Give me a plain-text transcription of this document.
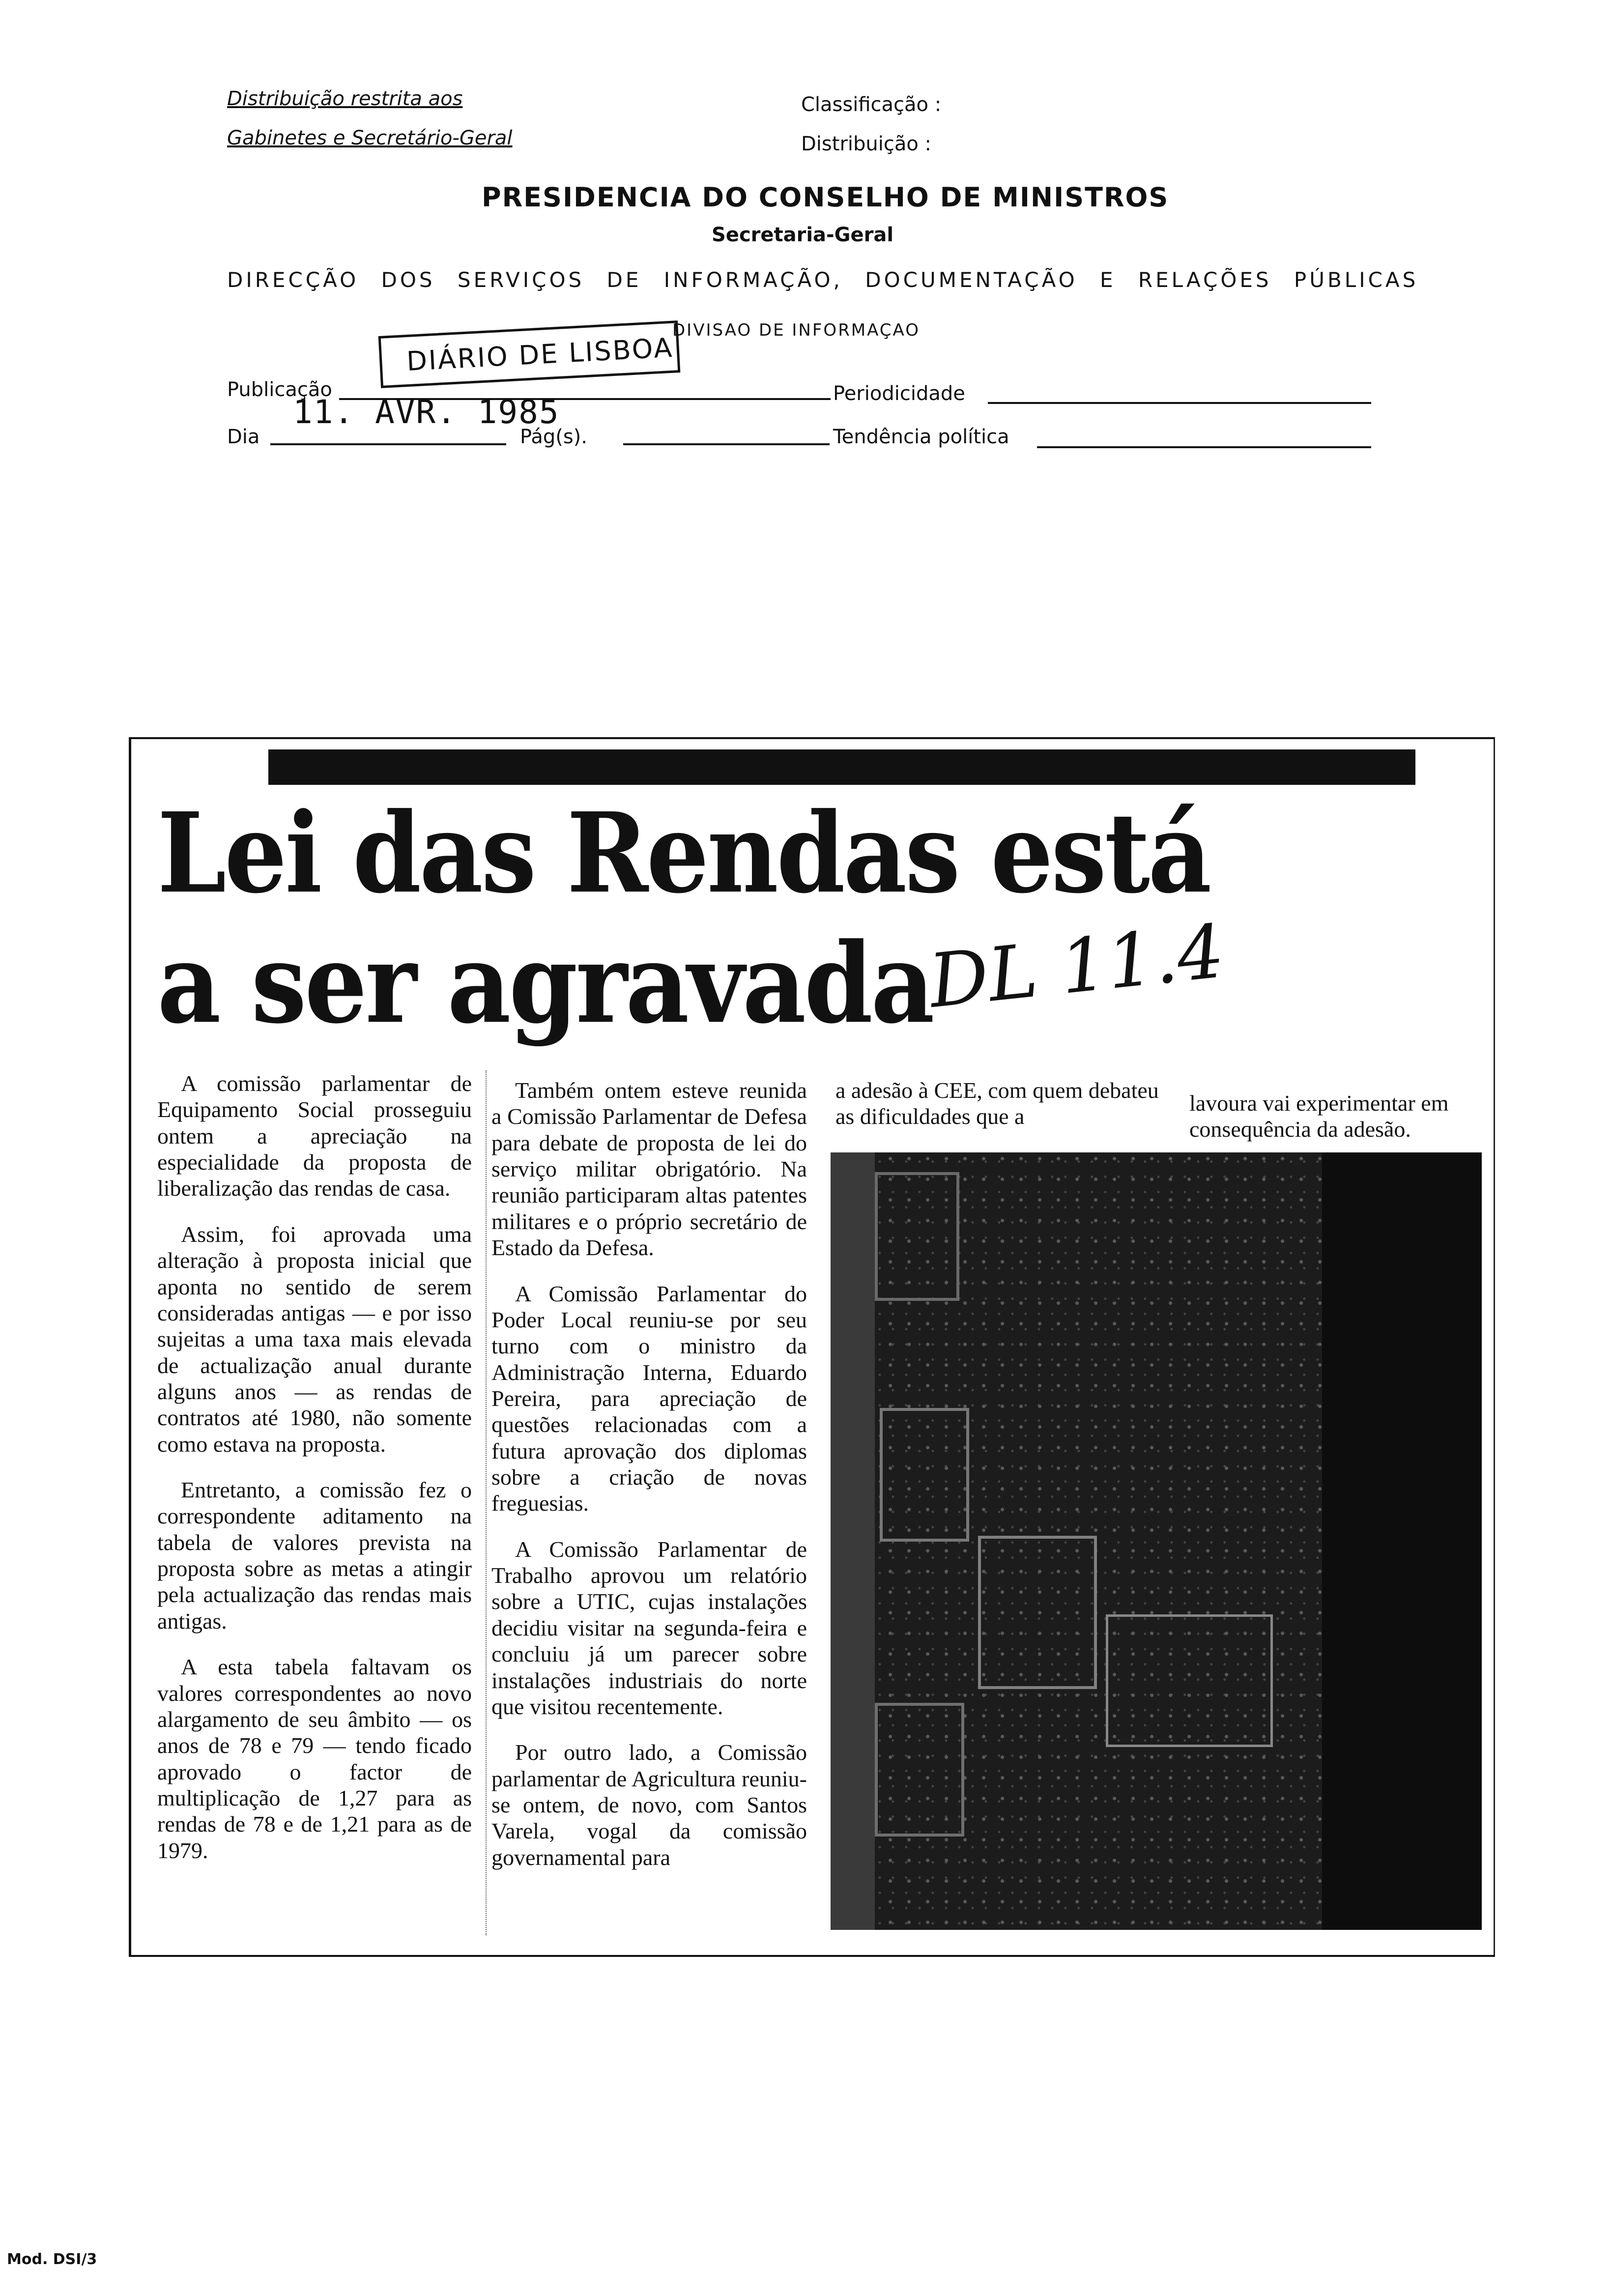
Distribuição restrita aos
Gabinetes e Secretário-Geral
Classificação :
Distribuição :
PRESIDENCIA DO CONSELHO DE MINISTROS
Secretaria-Geral
DIRECÇÃO DOS SERVIÇOS DE INFORMAÇÃO, DOCUMENTAÇÃO E RELAÇÕES PÚBLICAS
DIÁRIO DE LISBOA
DIVISAO DE INFORMAÇAO
Publicação	Periodicidade
11. AVR. 1985
Dia	Pág(s).	Tendência política
Lei das Rendas está
a ser agravada
DL 11.4

A comissão parlamentar de Equipamento Social prosseguiu ontem a apreciação na especialidade da proposta de liberalização das rendas de casa.

Assim, foi aprovada uma alteração à proposta inicial que aponta no sentido de serem consideradas antigas — e por isso sujeitas a uma taxa mais elevada de actualização anual durante alguns anos — as rendas de contratos até 1980, não somente como estava na proposta.

Entretanto, a comissão fez o correspondente aditamento na tabela de valores prevista na proposta sobre as metas a atingir pela actualização das rendas mais antigas.

A esta tabela faltavam os valores correspondentes ao novo alargamento de seu âmbito — os anos de 78 e 79 — tendo ficado aprovado o factor de multiplicação de 1,27 para as rendas de 78 e de 1,21 para as de 1979.

Também ontem esteve reunida a Comissão Parlamentar de Defesa para debate de proposta de lei do serviço militar obrigatório. Na reunião participaram altas patentes militares e o próprio secretário de Estado da Defesa.

A Comissão Parlamentar do Poder Local reuniu-se por seu turno com o ministro da Administração Interna, Eduardo Pereira, para apreciação de questões relacionadas com a futura aprovação dos diplomas sobre a criação de novas freguesias.

A Comissão Parlamentar de Trabalho aprovou um relatório sobre a UTIC, cujas instalações decidiu visitar na segunda-feira e concluiu já um parecer sobre instalações industriais do norte que visitou recentemente.

Por outro lado, a Comissão parlamentar de Agricultura reuniu-se ontem, de novo, com Santos Varela, vogal da comissão governamental para

a adesão à CEE, com quem debateu as dificuldades que a
lavoura vai experimentar em consequência da adesão.
Mod. DSI/3
